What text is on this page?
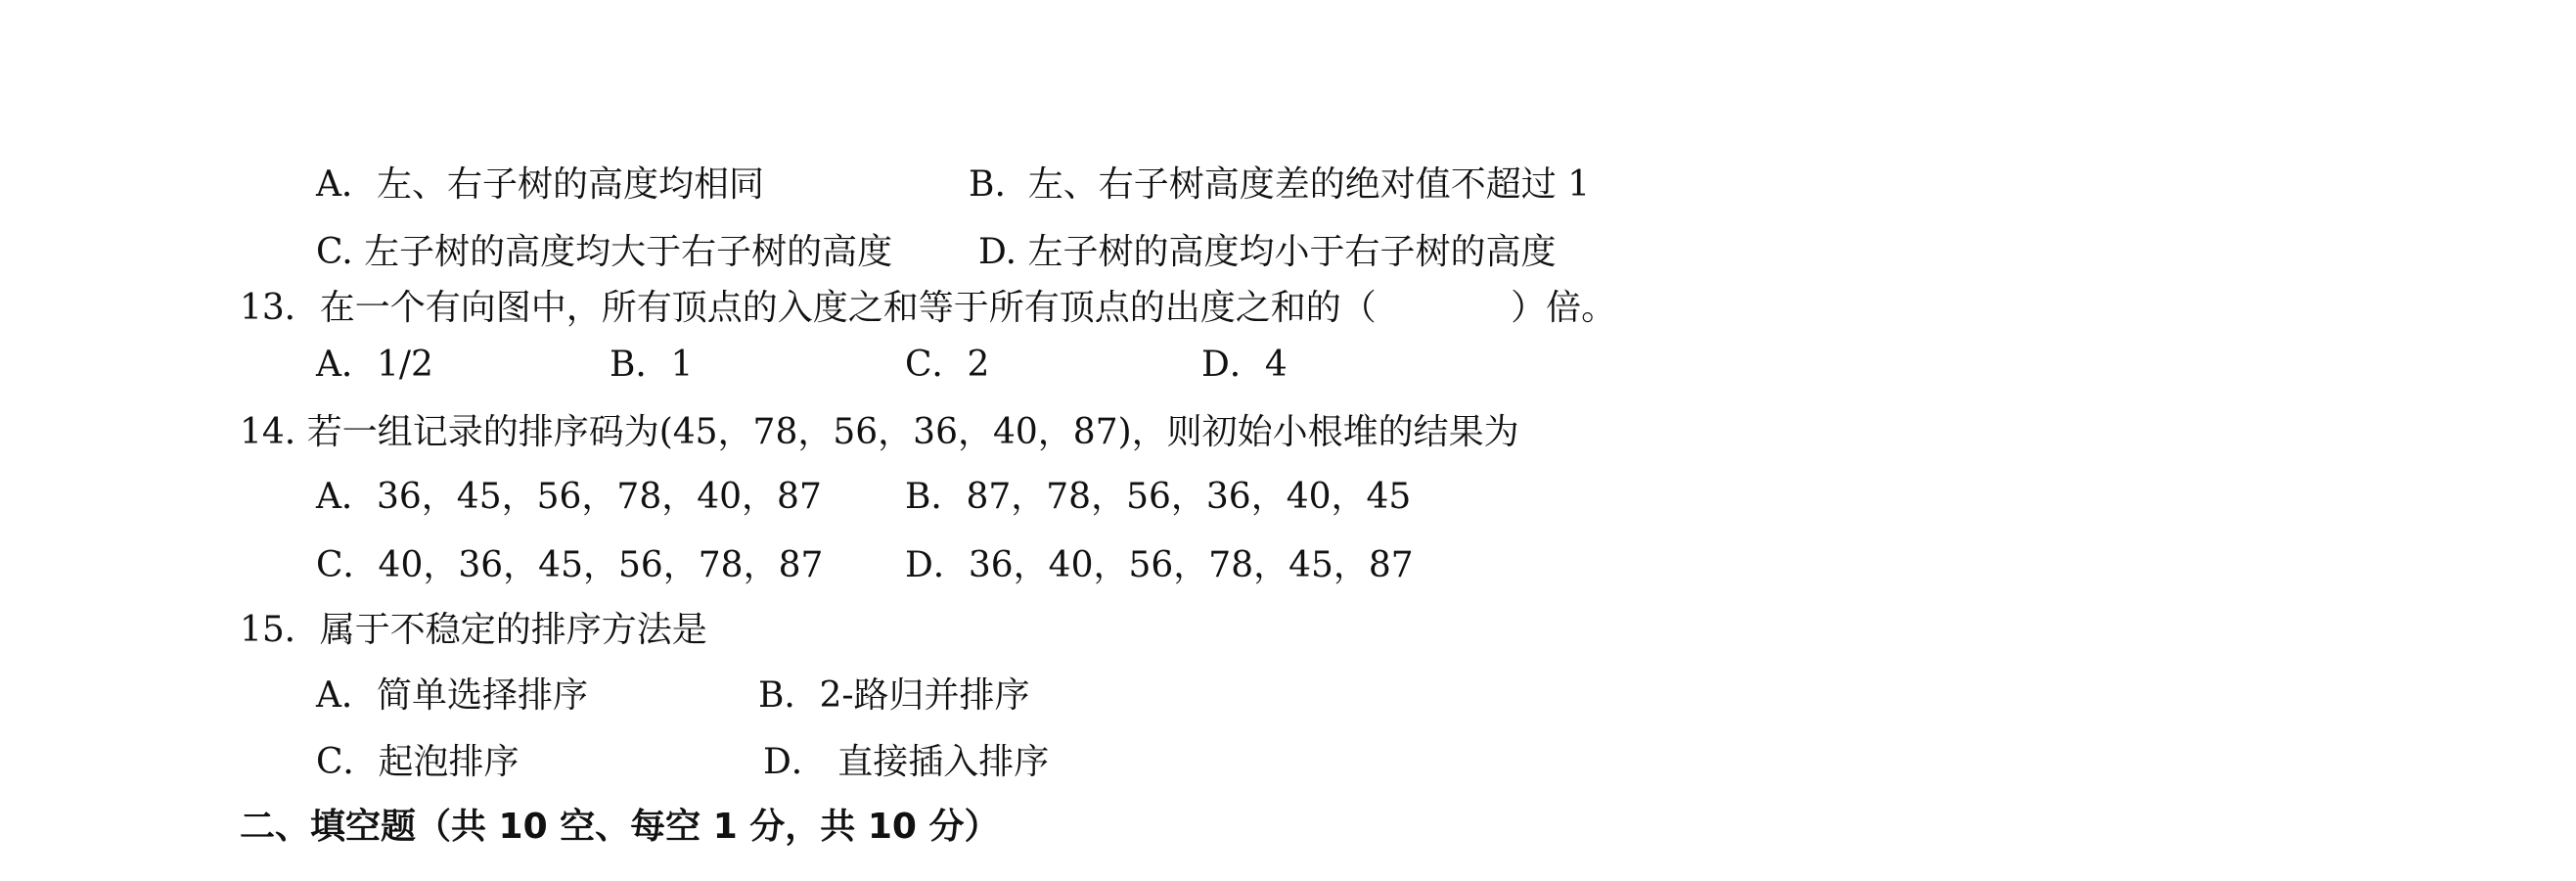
A．左、右子树的高度均相同	B.  左、右子树高度差的绝对值不超过 1
C. 左子树的高度均大于右子树的高度 D. 左子树的高度均小于右子树的高度
13．在一个有向图中，所有顶点的入度之和等于所有顶点的出度之和的（            ）倍。
A．1/2	B．1	C．2	D．4
14. 若一组记录的排序码为(45，78，56，36，40，87)，则初始小根堆的结果为
A．36，45，56，78，40，87 B．87，78，56，36，40，45
C．40，36，45，56，78，87 D．36，40，56，78，45，87
15．属于不稳定的排序方法是
A．简单选择排序	B．2-路归并排序
C．起泡排序	D． 直接插入排序
二、填空题（共 10 空、每空 1 分，共 10 分）
